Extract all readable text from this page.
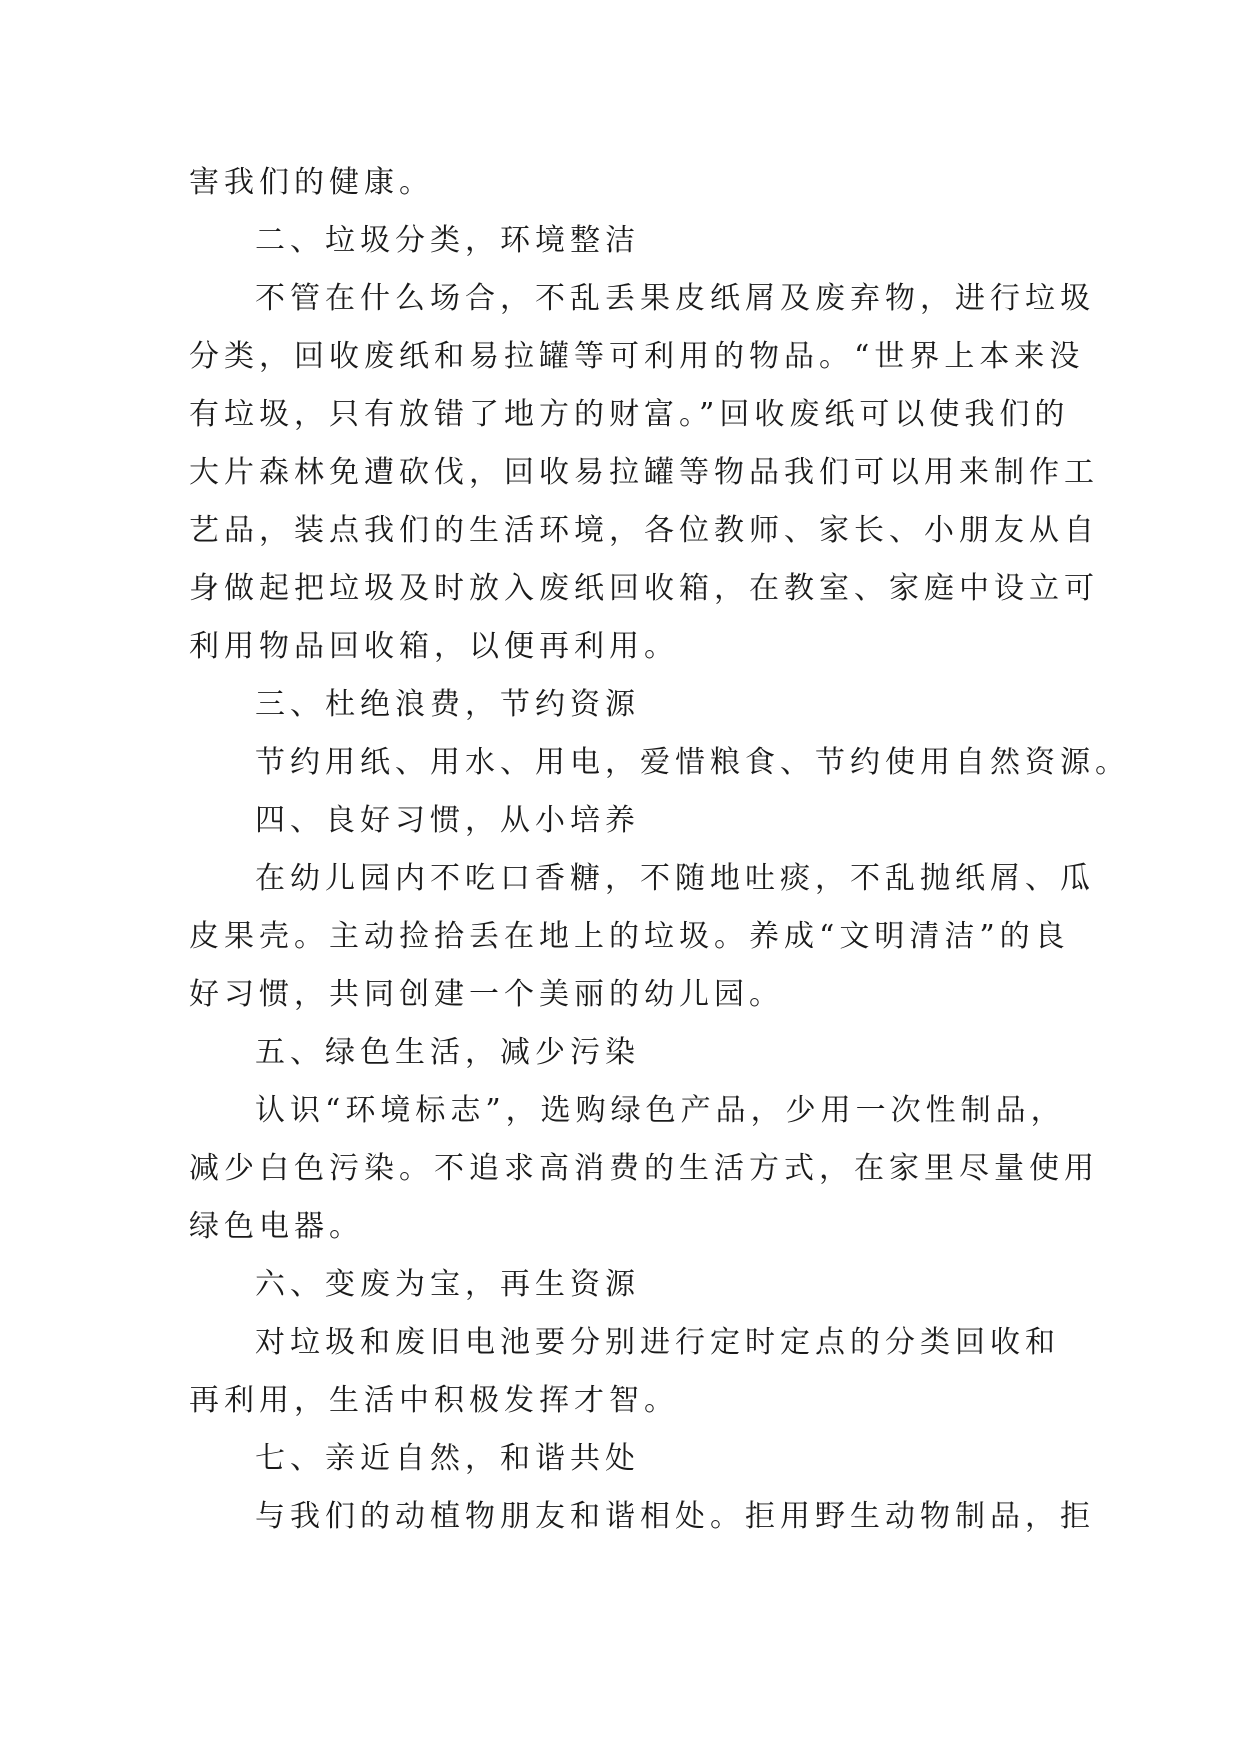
害我们的健康。

二、垃圾分类，环境整洁

不管在什么场合，不乱丢果皮纸屑及废弃物，进行垃圾

分类，回收废纸和易拉罐等可利用的物品。“世界上本来没

有垃圾，只有放错了地方的财富。”回收废纸可以使我们的

大片森林免遭砍伐，回收易拉罐等物品我们可以用来制作工

艺品，装点我们的生活环境，各位教师、家长、小朋友从自

身做起把垃圾及时放入废纸回收箱，在教室、家庭中设立可

利用物品回收箱，以便再利用。

三、杜绝浪费，节约资源

节约用纸、用水、用电，爱惜粮食、节约使用自然资源。

四、良好习惯，从小培养

在幼儿园内不吃口香糖，不随地吐痰，不乱抛纸屑、瓜

皮果壳。主动捡拾丢在地上的垃圾。养成“文明清洁”的良

好习惯，共同创建一个美丽的幼儿园。

五、绿色生活，减少污染

认识“环境标志”，选购绿色产品，少用一次性制品，

减少白色污染。不追求高消费的生活方式，在家里尽量使用

绿色电器。

六、变废为宝，再生资源

对垃圾和废旧电池要分别进行定时定点的分类回收和

再利用，生活中积极发挥才智。

七、亲近自然，和谐共处

与我们的动植物朋友和谐相处。拒用野生动物制品，拒
